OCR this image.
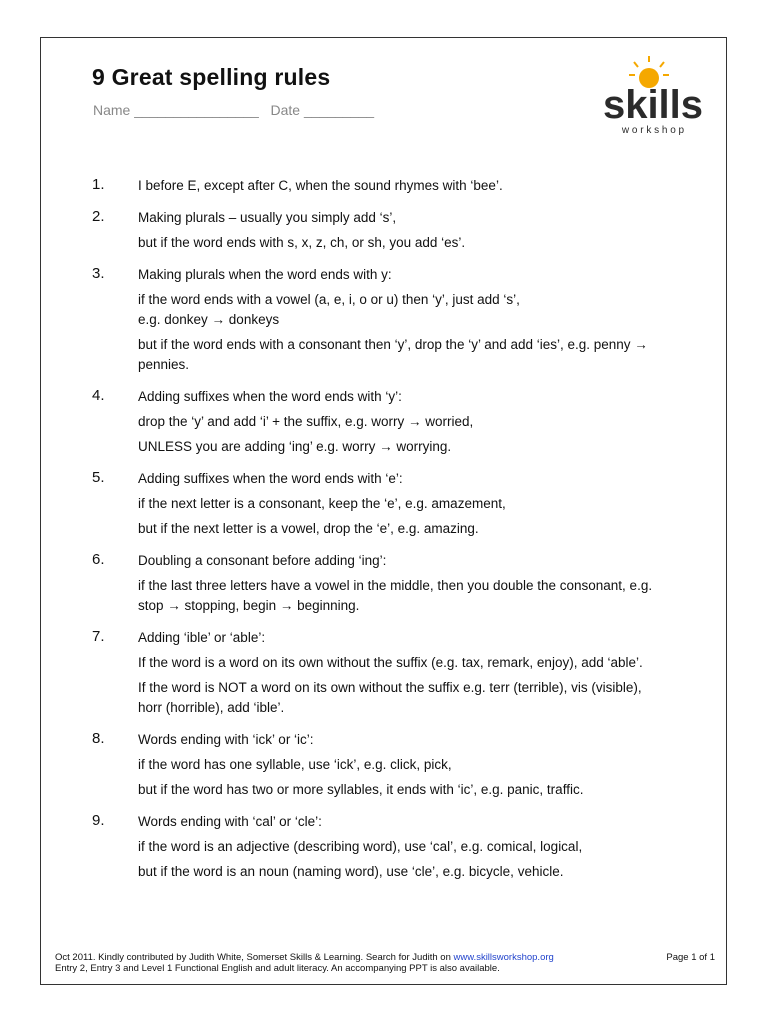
9 Great spelling rules
Name ________________ Date _________	skills
w o r k s h o p
1. I before E, except after C, when the sound rhymes with ‘bee’.
2. Making plurals – usually you simply add ‘s’,
but if the word ends with s, x, z, ch, or sh, you add ‘es’.
3. Making plurals when the word ends with y:
if the word ends with a vowel (a, e, i, o or u) then ‘y’, just add ‘s’,
e.g. donkey → donkeys
but if the word ends with a consonant then ‘y’, drop the ‘y’ and add ‘ies’, e.g. penny → pennies.
4. Adding suffixes when the word ends with ‘y’:
drop the ‘y’ and add ‘i’ + the suffix, e.g. worry → worried,
UNLESS you are adding ‘ing’ e.g. worry → worrying.
5. Adding suffixes when the word ends with ‘e’:
if the next letter is a consonant, keep the ‘e’, e.g. amazement,
but if the next letter is a vowel, drop the ‘e’, e.g. amazing.
6. Doubling a consonant before adding ‘ing’:
if the last three letters have a vowel in the middle, then you double the consonant, e.g. stop → stopping, begin → beginning.
7. Adding ‘ible’ or ‘able’:
If the word is a word on its own without the suffix (e.g. tax, remark, enjoy), add ‘able’.
If the word is NOT a word on its own without the suffix e.g. terr (terrible), vis (visible), horr (horrible), add ‘ible’.
8. Words ending with ‘ick’ or ‘ic’:
if the word has one syllable, use ‘ick’, e.g. click, pick,
but if the word has two or more syllables, it ends with ‘ic’, e.g. panic, traffic.
9. Words ending with ‘cal’ or ‘cle’:
if the word is an adjective (describing word), use ‘cal’, e.g. comical, logical,
but if the word is an noun (naming word), use ‘cle’, e.g. bicycle, vehicle.
Oct 2011. Kindly contributed by Judith White, Somerset Skills & Learning. Search for Judith on www.skillsworkshop.org
Entry 2, Entry 3 and Level 1 Functional English and adult literacy. An accompanying PPT is also available.
Page 1 of 1
